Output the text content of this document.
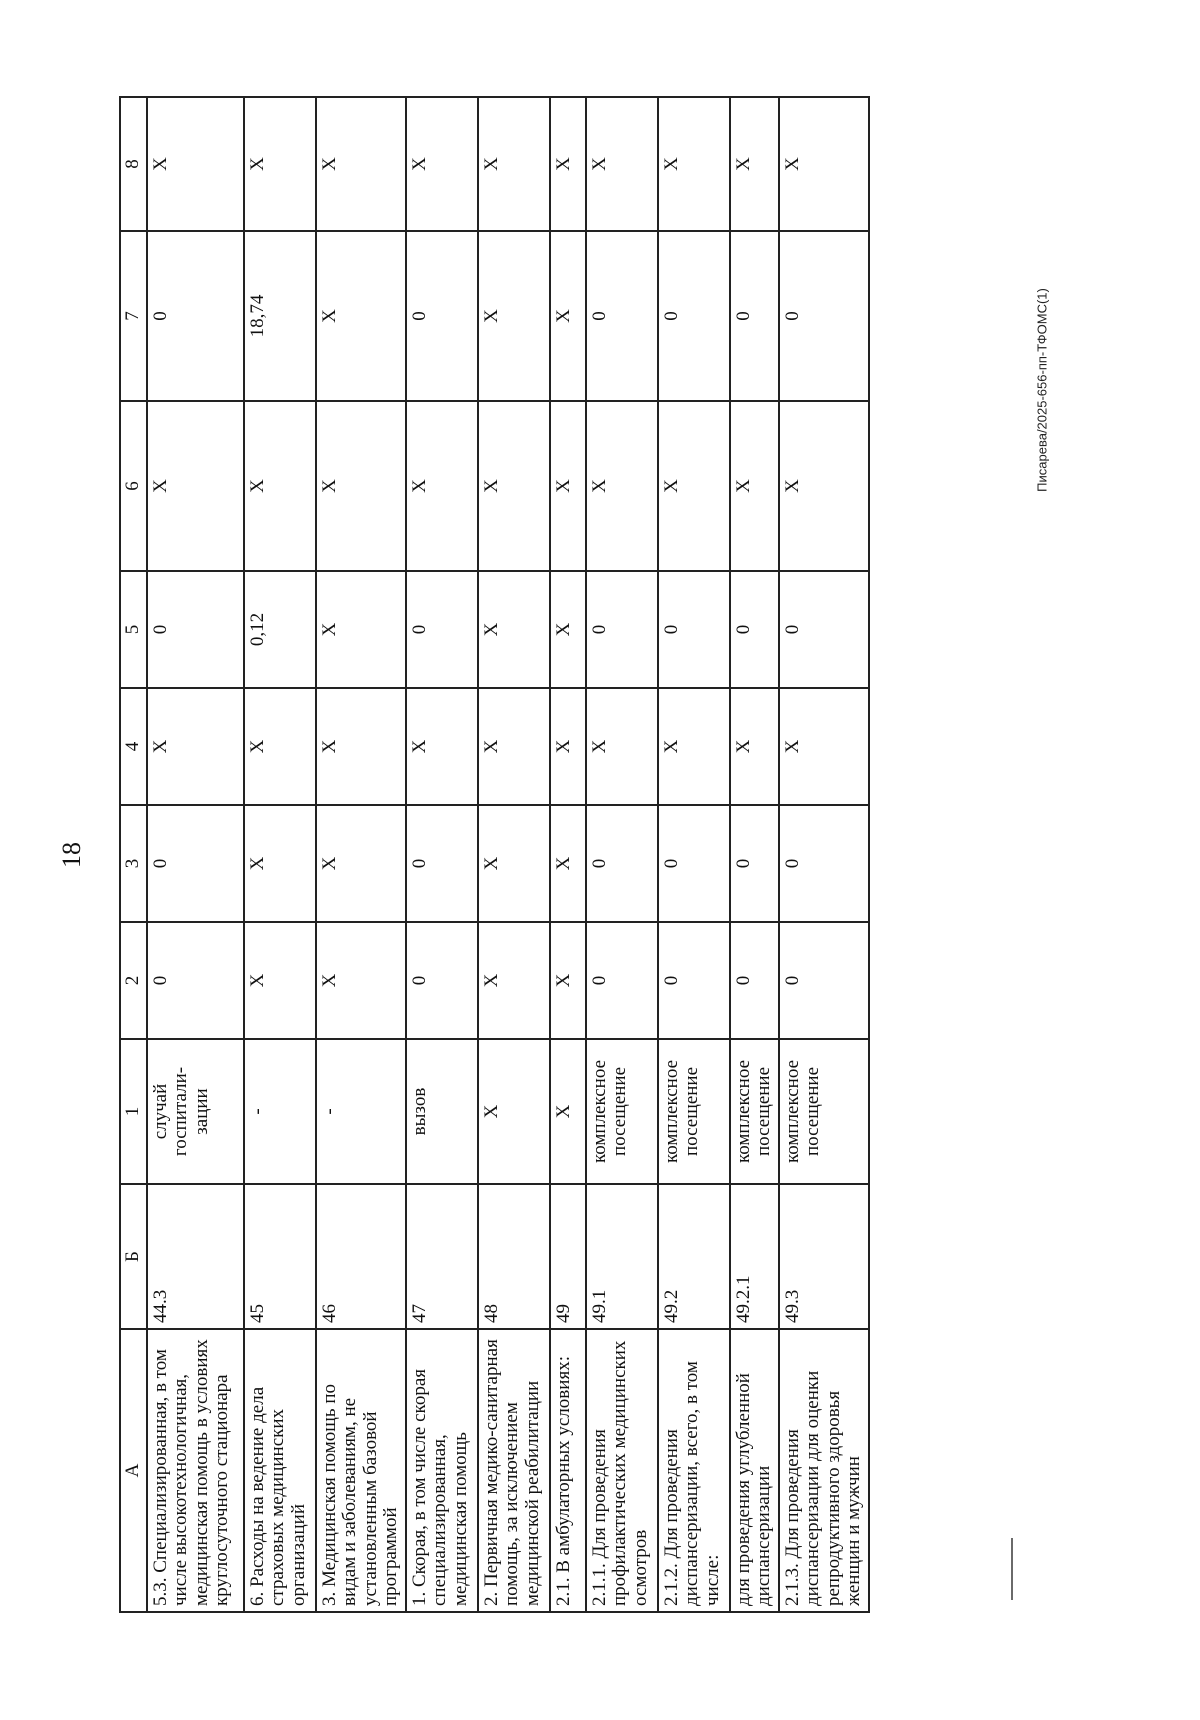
18
Писарева/2025-656-пп-ТФОМС(1)
А	Б	1	2	3	4	5	6	7	8
5.3. Специализированная, в том числе высокотехнологичная, медицинская помощь в условиях круглосуточного стационара	44.3	случай госпитали-зации	0	0	X	0	X	0	X
6. Расходы на ведение дела страховых медицинских организаций	45	-	X	X	X	0,12	X	18,74	X
3. Медицинская помощь по видам и заболеваниям, не установленным базовой программой	46	-	X	X	X	X	X	X	X
1. Скорая, в том числе скорая специализированная, медицинская помощь	47	вызов	0	0	X	0	X	0	X
2. Первичная медико-санитарная помощь, за исключением медицинской реабилитации	48	X	X	X	X	X	X	X	X
2.1. В амбулаторных условиях:	49	X	X	X	X	X	X	X	X
2.1.1. Для проведения профилактических медицинских осмотров	49.1	комплексное посещение	0	0	X	0	X	0	X
2.1.2. Для проведения диспансеризации, всего, в том числе:	49.2	комплексное посещение	0	0	X	0	X	0	X
для проведения углубленной диспансеризации	49.2.1	комплексное посещение	0	0	X	0	X	0	X
2.1.3. Для проведения диспансеризации для оценки репродуктивного здоровья женщин и мужчин	49.3	комплексное посещение	0	0	X	0	X	0	X
